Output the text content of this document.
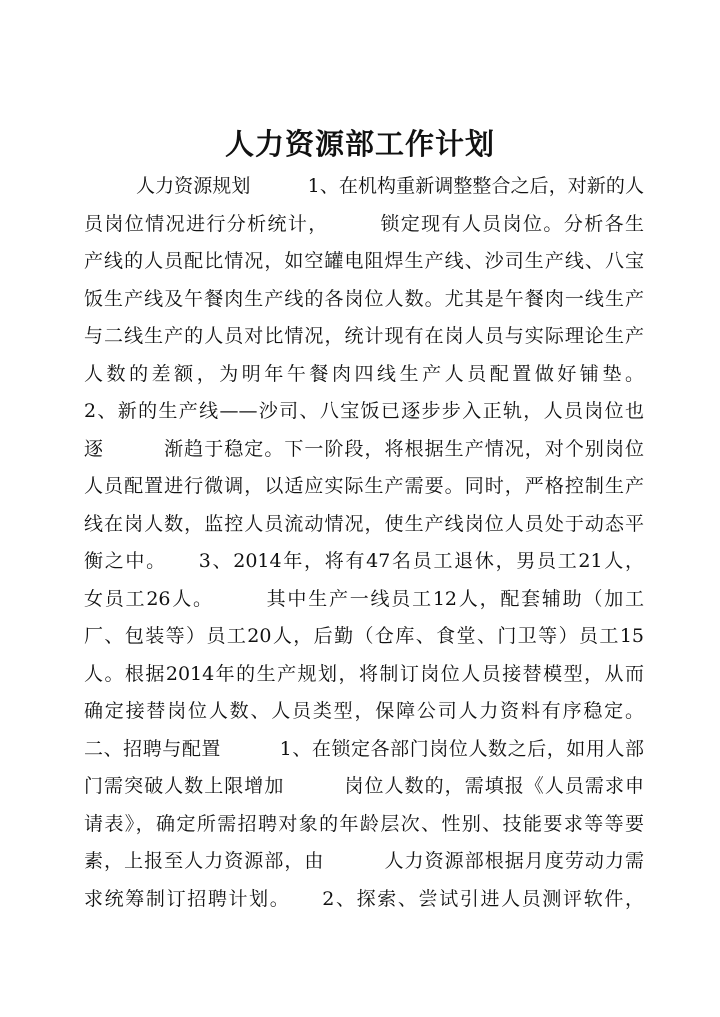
人力资源部工作计划
人力资源规划　　　1、在机构重新调整整合之后，对新的人
员岗位情况进行分析统计，　　　锁定现有人员岗位。分析各生
产线的人员配比情况，如空罐电阻焊生产线、沙司生产线、八宝
饭生产线及午餐肉生产线的各岗位人数。尤其是午餐肉一线生产
与二线生产的人员对比情况，统计现有在岗人员与实际理论生产
人数的差额，为明年午餐肉四线生产人员配置做好铺垫。
2、新的生产线——沙司、八宝饭已逐步步入正轨，人员岗位也
逐　　　渐趋于稳定。下一阶段，将根据生产情况，对个别岗位
人员配置进行微调，以适应实际生产需要。同时，严格控制生产
线在岗人数，监控人员流动情况，使生产线岗位人员处于动态平
衡之中。　　3、2014年，将有47名员工退休，男员工21人，
女员工26人。　　　其中生产一线员工12人，配套辅助（加工
厂、包装等）员工20人，后勤（仓库、食堂、门卫等）员工15
人。根据2014年的生产规划，将制订岗位人员接替模型，从而
确定接替岗位人数、人员类型，保障公司人力资料有序稳定。
二、招聘与配置　　　1、在锁定各部门岗位人数之后，如用人部
门需突破人数上限增加　　　岗位人数的，需填报《人员需求申
请表》，确定所需招聘对象的年龄层次、性别、技能要求等等要
素，上报至人力资源部，由　　　人力资源部根据月度劳动力需
求统筹制订招聘计划。　　2、探索、尝试引进人员测评软件，
